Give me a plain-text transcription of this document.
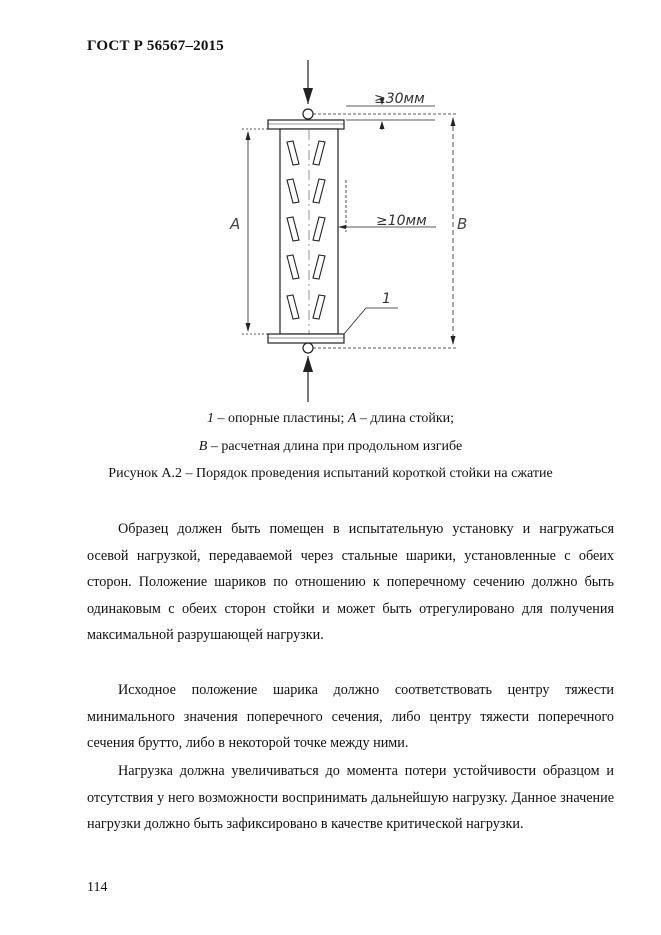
ГОСТ Р 56567–2015
≥30мм
≥10мм
A	B
1
1 – опорные пластины; A – длина стойки;
B – расчетная длина при продольном изгибе
Рисунок А.2 – Порядок проведения испытаний короткой стойки на сжатие
Образец должен быть помещен в испытательную установку и нагружаться осевой нагрузкой, передаваемой через стальные шарики, установленные с обеих сторон. Положение шариков по отношению к поперечному сечению должно быть одинаковым с обеих сторон стойки и может быть отрегулировано для получения максимальной разрушающей нагрузки.
Исходное положение шарика должно соответствовать центру тяжести минимального значения поперечного сечения, либо центру тяжести поперечного сечения брутто, либо в некоторой точке между ними.
Нагрузка должна увеличиваться до момента потери устойчивости образцом и отсутствия у него возможности воспринимать дальнейшую нагрузку. Данное значение нагрузки должно быть зафиксировано в качестве критической нагрузки.
114
